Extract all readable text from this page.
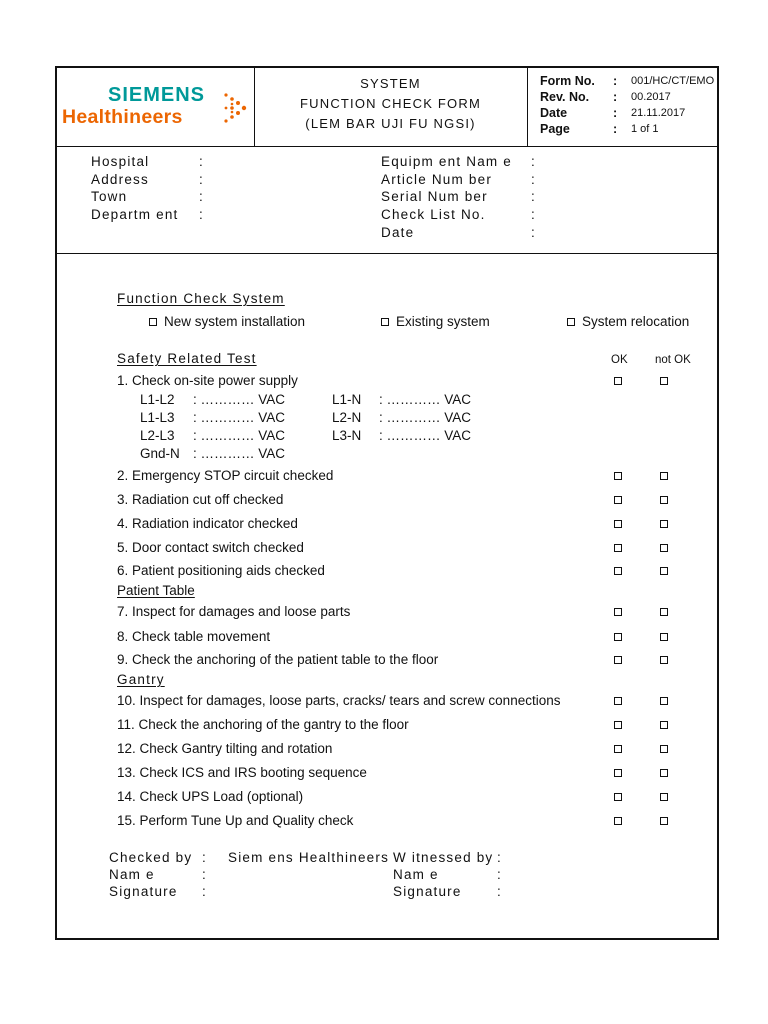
SIEMENS
Healthineers
SYSTEM
FUNCTION CHECK FORM
(LEM BAR UJI FU NGSI)
Form No. : 001/HC/CT/EMO
Rev. No. : 00.2017
Date	: 21.11.2017
Page	: 1 of 1
Hospital	:
Address	:
Town	:
Departm ent :
Equipm ent Nam e :
Article Num ber	:
Serial Num ber	:
Check List No.	:
Date	:
Function Check System
New system installation	Existing system	System relocation
Safety Related Test	OK not OK
1. Check on-site power supply
L1-L2 : ………… VAC	L1-N : ………… VAC
L1-L3 : ………… VAC	L2-N : ………… VAC
L2-L3 : ………… VAC	L3-N : ………… VAC
Gnd-N : ………… VAC
2. Emergency STOP circuit checked
3. Radiation cut off checked
4. Radiation indicator checked
5. Door contact switch checked
6. Patient positioning aids checked
Patient Table
7. Inspect for damages and loose parts
8. Check table movement
9. Check the anchoring of the patient table to the floor
Gantry
10. Inspect for damages, loose parts, cracks/ tears and screw connections
11. Check the anchoring of the gantry to the floor
12. Check Gantry tilting and rotation
13. Check ICS and IRS booting sequence
14. Check UPS Load (optional)
15. Perform Tune Up and Quality check
Checked by : Siem ens Healthineers
Nam e	:
Signature :
W itnessed by :
Nam e	:
Signature	:
